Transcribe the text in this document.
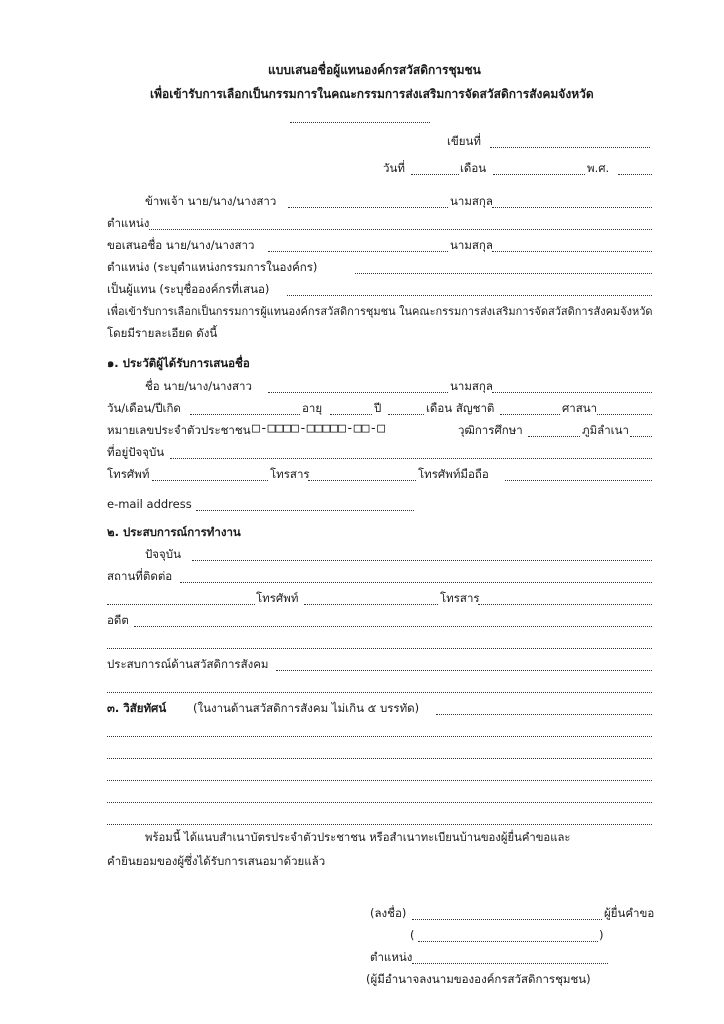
แบบเสนอชื่อผู้แทนองค์กรสวัสดิการชุมชน
เพื่อเข้ารับการเลือกเป็นกรรมการในคณะกรรมการส่งเสริมการจัดสวัสดิการสังคมจังหวัด
เขียนที่
วันที่	เดือน	พ.ศ.
ข้าพเจ้า นาย/นาง/นางสาว	นามสกุล
ตำแหน่ง
ขอเสนอชื่อ นาย/นาง/นางสาว	นามสกุล
ตำแหน่ง (ระบุตำแหน่งกรรมการในองค์กร)
เป็นผู้แทน (ระบุชื่อองค์กรที่เสนอ)
เพื่อเข้ารับการเลือกเป็นกรรมการผู้แทนองค์กรสวัสดิการชุมชน ในคณะกรรมการส่งเสริมการจัดสวัสดิการสังคมจังหวัด
โดยมีรายละเอียด ดังนี้
๑. ประวัติผู้ได้รับการเสนอชื่อ
ชื่อ นาย/นาง/นางสาว	นามสกุล
วัน/เดือน/ปีเกิด	อายุ	ปี	เดือน สัญชาติ	ศาสนา
หมายเลขประจำตัวประชาชน □-□□□□-□□□□□-□□-□	วุฒิการศึกษา	ภูมิลำเนา
ที่อยู่ปัจจุบัน
โทรศัพท์	โทรสาร	โทรศัพท์มือถือ
e-mail address
๒. ประสบการณ์การทำงาน
ปัจจุบัน
สถานที่ติดต่อ
โทรศัพท์	โทรสาร
อดีต
ประสบการณ์ด้านสวัสดิการสังคม
๓. วิสัยทัศน์ (ในงานด้านสวัสดิการสังคม ไม่เกิน ๕ บรรทัด)
พร้อมนี้ ได้แนบสำเนาบัตรประจำตัวประชาชน หรือสำเนาทะเบียนบ้านของผู้ยื่นคำขอและ
คำยินยอมของผู้ซึ่งได้รับการเสนอมาด้วยแล้ว
(ลงชื่อ)	ผู้ยื่นคำขอ
(	)
ตำแหน่ง
(ผู้มีอำนาจลงนามขององค์กรสวัสดิการชุมชน)
